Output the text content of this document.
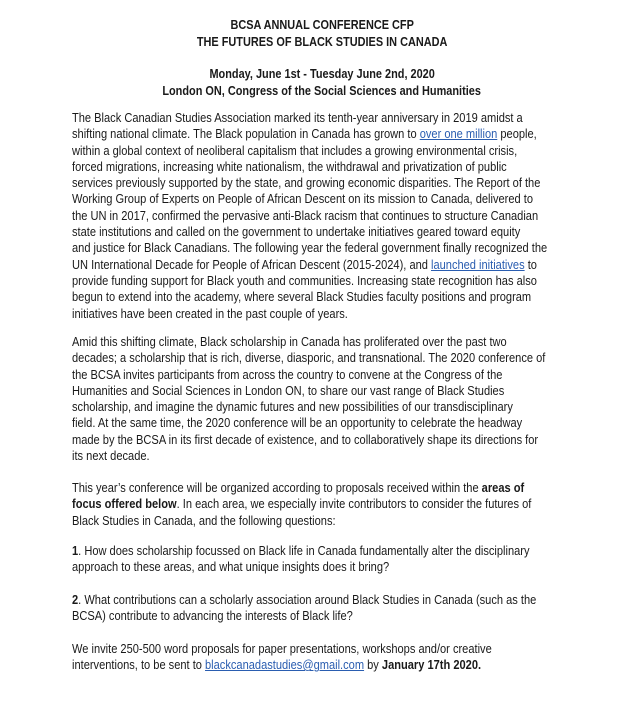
BCSA ANNUAL CONFERENCE CFP
THE FUTURES OF BLACK STUDIES IN CANADA
Monday, June 1st - Tuesday June 2nd, 2020
London ON, Congress of the Social Sciences and Humanities
The Black Canadian Studies Association marked its tenth-year anniversary in 2019 amidst a
shifting national climate. The Black population in Canada has grown to over one million people,
within a global context of neoliberal capitalism that includes a growing environmental crisis,
forced migrations, increasing white nationalism, the withdrawal and privatization of public
services previously supported by the state, and growing economic disparities. The Report of the
Working Group of Experts on People of African Descent on its mission to Canada, delivered to
the UN in 2017, confirmed the pervasive anti-Black racism that continues to structure Canadian
state institutions and called on the government to undertake initiatives geared toward equity
and justice for Black Canadians. The following year the federal government finally recognized the
UN International Decade for People of African Descent (2015-2024), and launched initiatives to
provide funding support for Black youth and communities. Increasing state recognition has also
begun to extend into the academy, where several Black Studies faculty positions and program
initiatives have been created in the past couple of years.
Amid this shifting climate, Black scholarship in Canada has proliferated over the past two
decades; a scholarship that is rich, diverse, diasporic, and transnational. The 2020 conference of
the BCSA invites participants from across the country to convene at the Congress of the
Humanities and Social Sciences in London ON, to share our vast range of Black Studies
scholarship, and imagine the dynamic futures and new possibilities of our transdisciplinary
field. At the same time, the 2020 conference will be an opportunity to celebrate the headway
made by the BCSA in its first decade of existence, and to collaboratively shape its directions for
its next decade.
This year’s conference will be organized according to proposals received within the areas of
focus offered below. In each area, we especially invite contributors to consider the futures of
Black Studies in Canada, and the following questions:
1. How does scholarship focussed on Black life in Canada fundamentally alter the disciplinary
approach to these areas, and what unique insights does it bring?
2. What contributions can a scholarly association around Black Studies in Canada (such as the
BCSA) contribute to advancing the interests of Black life?
We invite 250-500 word proposals for paper presentations, workshops and/or creative
interventions, to be sent to blackcanadastudies@gmail.com by January 17th 2020.
